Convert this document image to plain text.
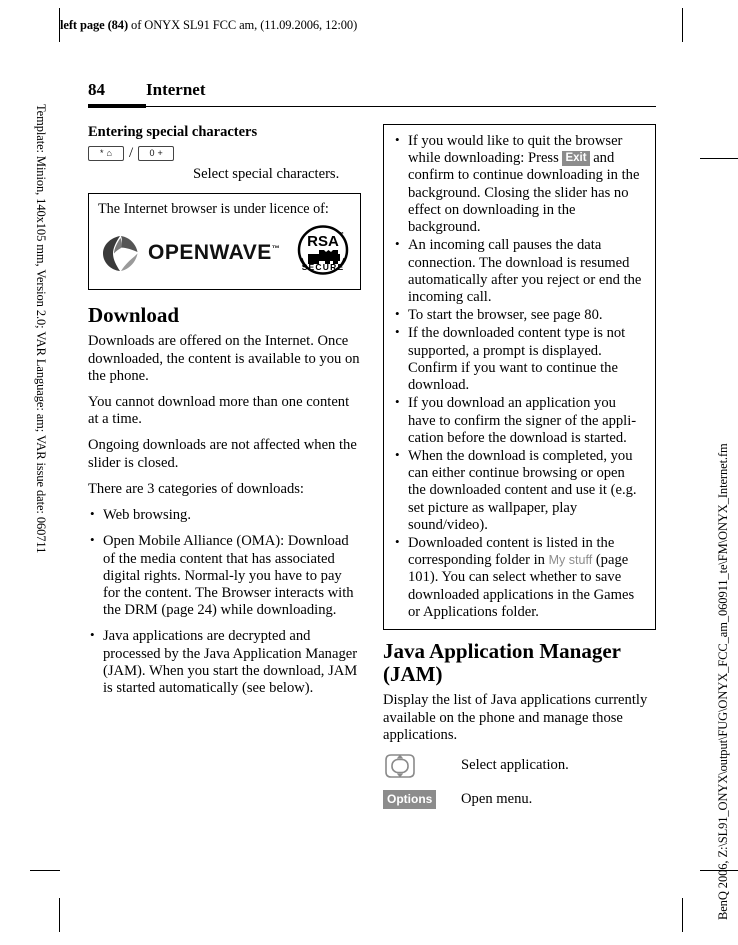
left page (84) of ONYX SL91 FCC am, (11.09.2006, 12:00)
Template: Minion, 140x105 mm, Version 2.0; VAR Language: am; VAR issue date: 060711
BenQ 2006, Z:\SL91_ONYX\output\FUG\ONYX_FCC_am_060911_te\FM\ONYX_Internet.fm
84	Internet
Entering special characters
* ⌂ / 0 +
Select special characters.
The Internet browser is under licence of:
OPENWAVE™ RSA ™
SECURE
Download

Downloads are offered on the Internet. Once downloaded, the content is available to you on the phone.

You cannot download more than one content at a time.

Ongoing downloads are not affected when the slider is closed.

There are 3 categories of downloads:

• Web browsing.
• Open Mobile Alliance (OMA): Download of the media content that has associated digital rights. Normal-ly you have to pay for the content. The Browser interacts with the DRM (page 24) while downloading.
• Java applications are decrypted and processed by the Java Application Manager (JAM). When you start the download, JAM is started automatically (see below).
• If you would like to quit the browser while downloading: Press Exit and confirm to continue downloading in the background. Closing the slider has no effect on downloading in the background.
• An incoming call pauses the data connection. The download is resumed automatically after you reject or end the incoming call.
• To start the browser, see page 80.
• If the downloaded content type is not supported, a prompt is displayed. Confirm if you want to continue the download.
• If you download an application you have to confirm the signer of the appli-cation before the download is started.
• When the download is completed, you can either continue browsing or open the downloaded content and use it (e.g. set picture as wallpaper, play sound/video).
• Downloaded content is listed in the corresponding folder in My stuff (page 101). You can select whether to save downloaded applications in the Games or Applications folder.
Java Application Manager (JAM)

Display the list of Java applications currently available on the phone and manage those applications.

Select application.
Options Open menu.
